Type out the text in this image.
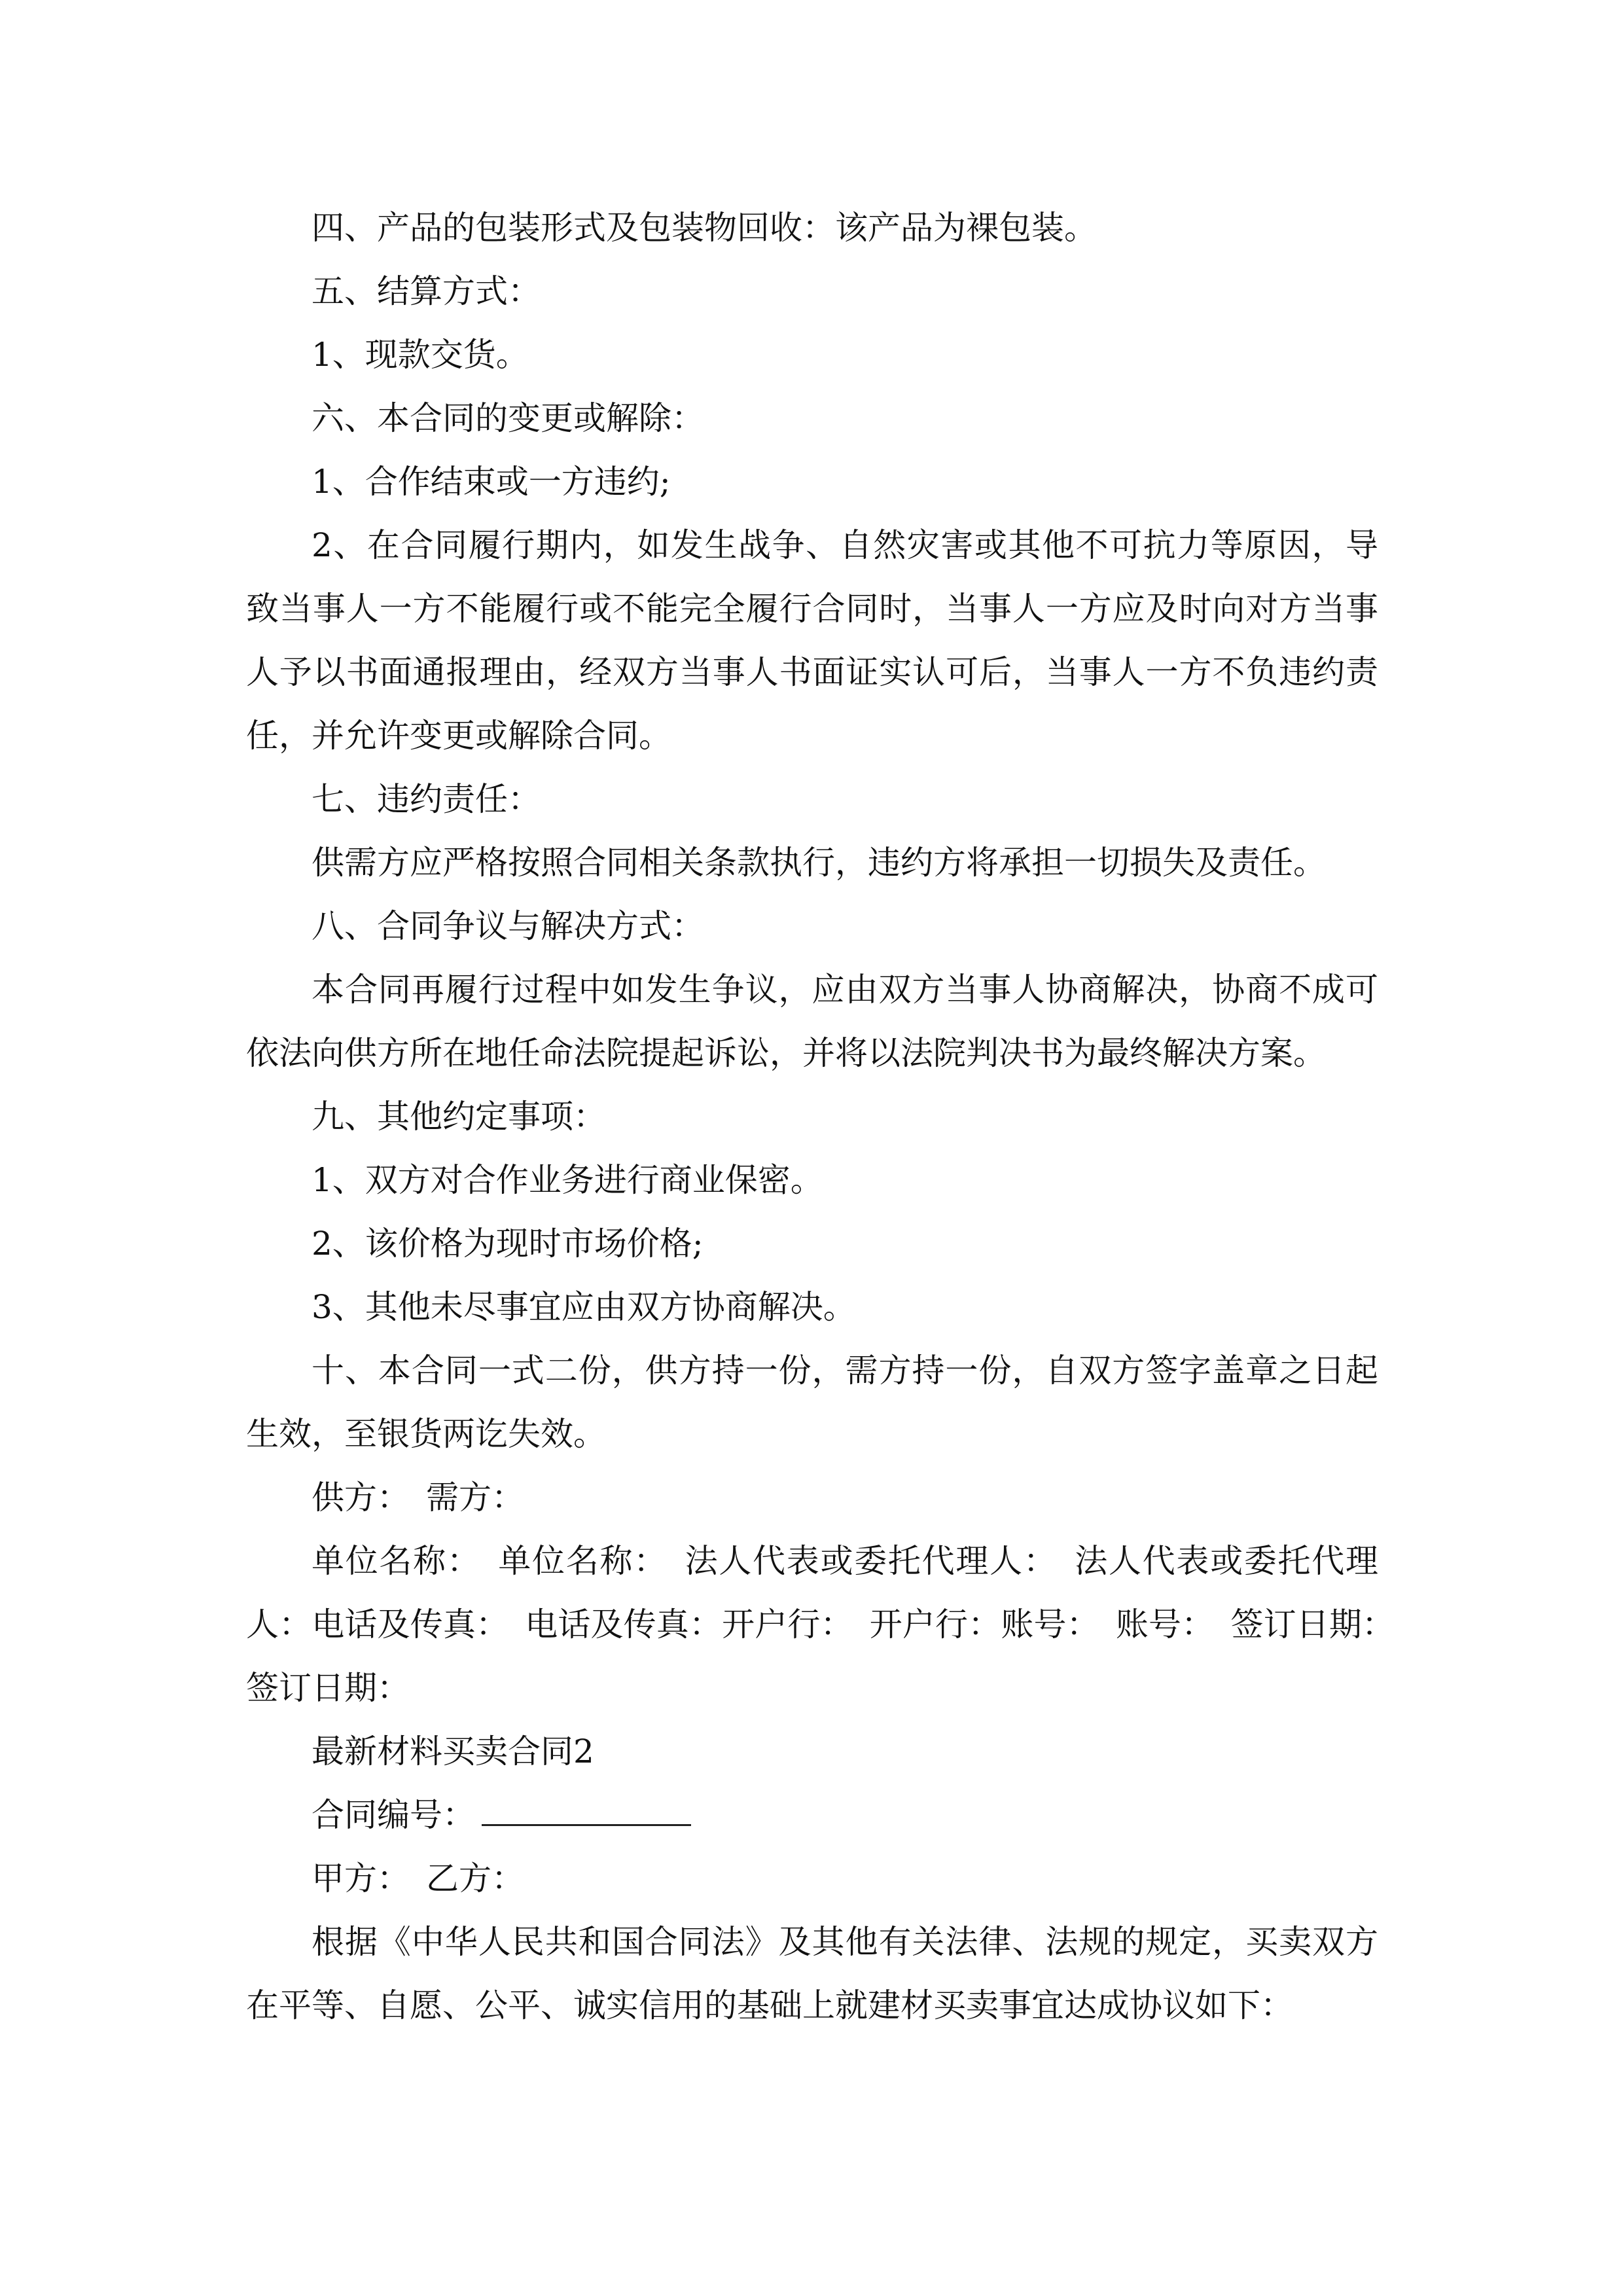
四、产品的包装形式及包装物回收：该产品为裸包装。

五、结算方式：

1、现款交货。

六、本合同的变更或解除：

1、合作结束或一方违约;

2、在合同履行期内，如发生战争、自然灾害或其他不可抗力等原因，导致当事人一方不能履行或不能完全履行合同时，当事人一方应及时向对方当事人予以书面通报理由，经双方当事人书面证实认可后，当事人一方不负违约责任，并允许变更或解除合同。

七、违约责任：

供需方应严格按照合同相关条款执行，违约方将承担一切损失及责任。

八、合同争议与解决方式：

本合同再履行过程中如发生争议，应由双方当事人协商解决，协商不成可依法向供方所在地任命法院提起诉讼，并将以法院判决书为最终解决方案。

九、其他约定事项：

1、双方对合作业务进行商业保密。

2、该价格为现时市场价格;

3、其他未尽事宜应由双方协商解决。

十、本合同一式二份，供方持一份，需方持一份，自双方签字盖章之日起生效，至银货两讫失效。

供方：　需方：

单位名称：　单位名称：　法人代表或委托代理人：　法人代表或委托代理人：电话及传真：　电话及传真：开户行：　开户行：账号：　账号：　签订日期：　签订日期：

最新材料买卖合同2

合同编号：

甲方：　乙方：

根据《中华人民共和国合同法》及其他有关法律、法规的规定，买卖双方在平等、自愿、公平、诚实信用的基础上就建材买卖事宜达成协议如下：
